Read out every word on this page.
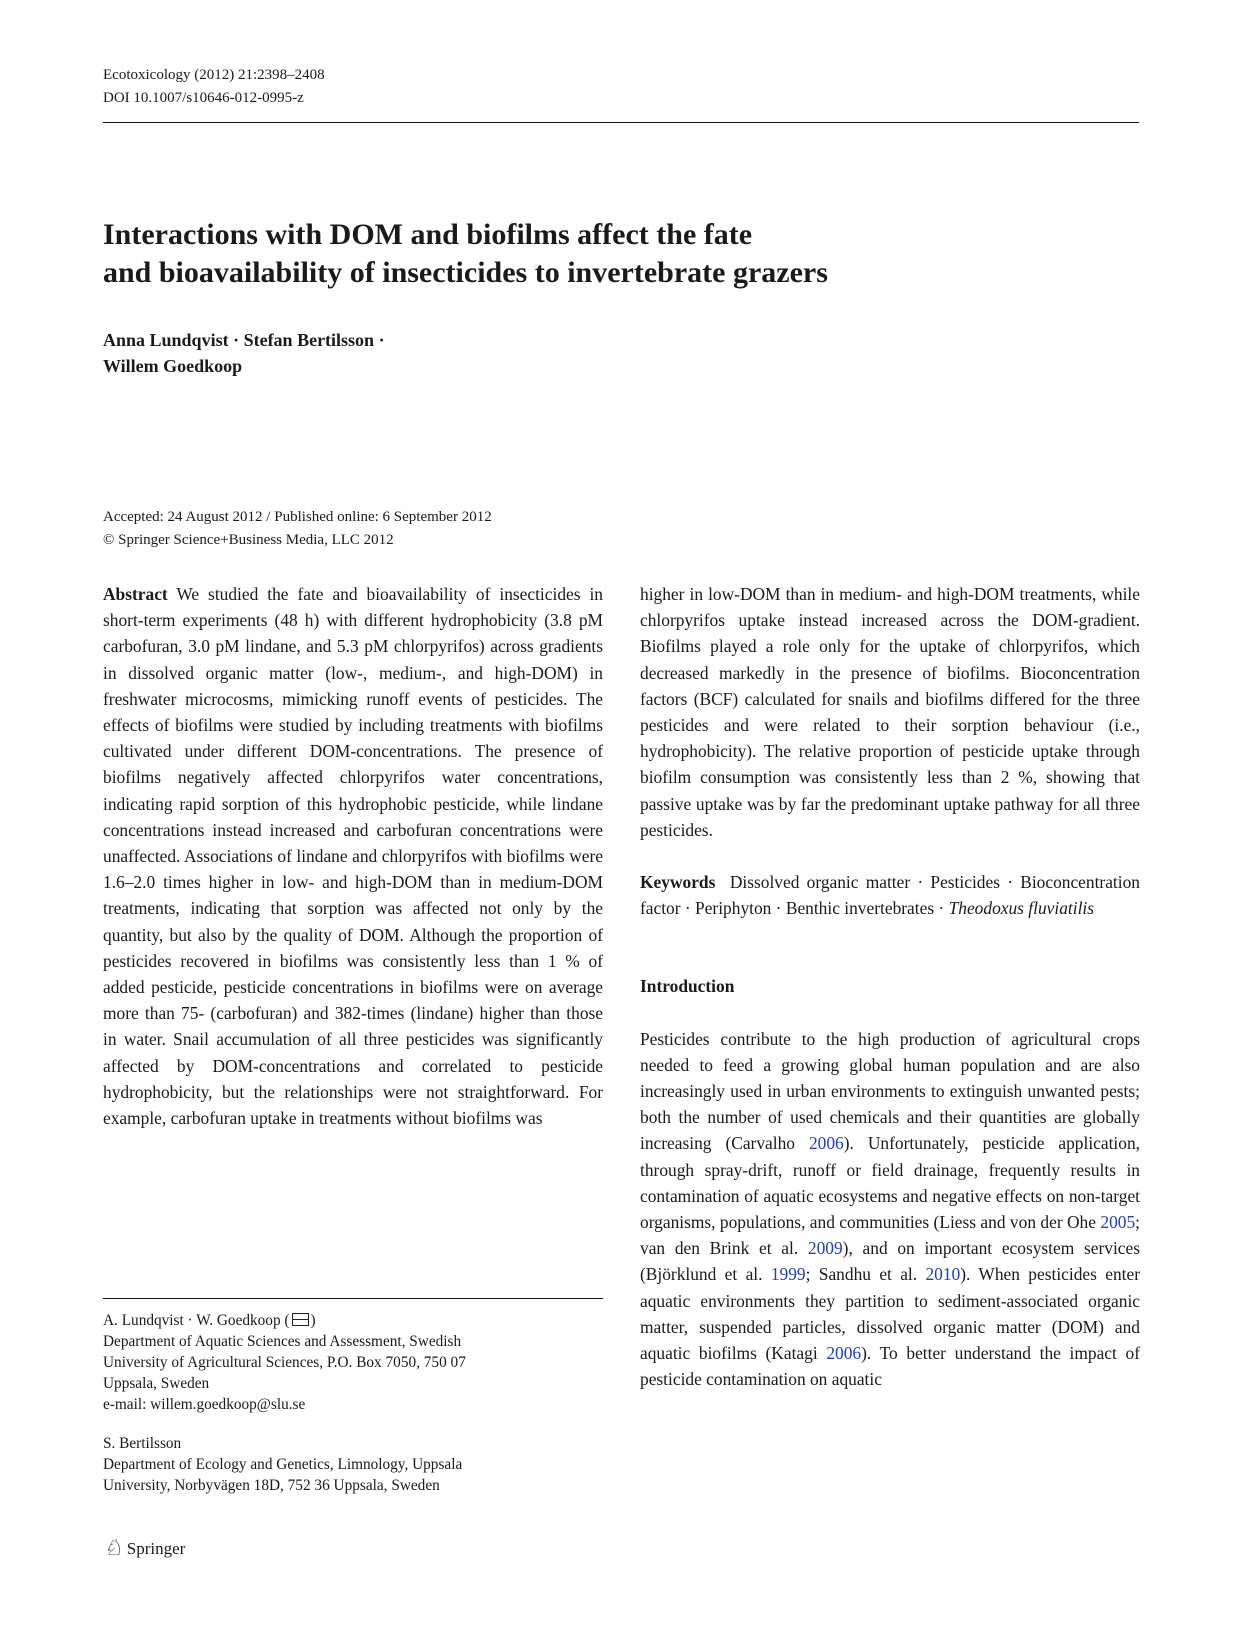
Ecotoxicology (2012) 21:2398–2408
DOI 10.1007/s10646-012-0995-z
Interactions with DOM and biofilms affect the fate
and bioavailability of insecticides to invertebrate grazers
Anna Lundqvist · Stefan Bertilsson ·
Willem Goedkoop
Accepted: 24 August 2012 / Published online: 6 September 2012
© Springer Science+Business Media, LLC 2012

Abstract We studied the fate and bioavailability of insecticides in short-term experiments (48 h) with different hydrophobicity (3.8 pM carbofuran, 3.0 pM lindane, and 5.3 pM chlorpyrifos) across gradients in dissolved organic matter (low-, medium-, and high-DOM) in freshwater microcosms, mimicking runoff events of pesticides. The effects of biofilms were studied by including treatments with biofilms cultivated under different DOM-concentrations. The presence of biofilms negatively affected chlorpyrifos water concentrations, indicating rapid sorption of this hydrophobic pesticide, while lindane concentrations instead increased and carbofuran concentrations were unaffected. Associations of lindane and chlorpyrifos with biofilms were 1.6–2.0 times higher in low- and high-DOM than in medium-DOM treatments, indicating that sorption was affected not only by the quantity, but also by the quality of DOM. Although the proportion of pesticides recovered in biofilms was consistently less than 1 % of added pesticide, pesticide concentrations in biofilms were on average more than 75- (carbofuran) and 382-times (lindane) higher than those in water. Snail accumulation of all three pesticides was significantly affected by DOM-concentrations and correlated to pesticide hydrophobicity, but the relationships were not straightforward. For example, carbofuran uptake in treatments without biofilms was

higher in low-DOM than in medium- and high-DOM treatments, while chlorpyrifos uptake instead increased across the DOM-gradient. Biofilms played a role only for the uptake of chlorpyrifos, which decreased markedly in the presence of biofilms. Bioconcentration factors (BCF) calculated for snails and biofilms differed for the three pesticides and were related to their sorption behaviour (i.e., hydrophobicity). The relative proportion of pesticide uptake through biofilm consumption was consistently less than 2 %, showing that passive uptake was by far the predominant uptake pathway for all three pesticides.

Keywords Dissolved organic matter · Pesticides · Bioconcentration factor · Periphyton · Benthic invertebrates · Theodoxus fluviatilis

Introduction

Pesticides contribute to the high production of agricultural crops needed to feed a growing global human population and are also increasingly used in urban environments to extinguish unwanted pests; both the number of used chemicals and their quantities are globally increasing (Carvalho 2006). Unfortunately, pesticide application, through spray-drift, runoff or field drainage, frequently results in contamination of aquatic ecosystems and negative effects on non-target organisms, populations, and communities (Liess and von der Ohe 2005; van den Brink et al. 2009), and on important ecosystem services (Björklund et al. 1999; Sandhu et al. 2010). When pesticides enter aquatic environments they partition to sediment-associated organic matter, suspended particles, dissolved organic matter (DOM) and aquatic biofilms (Katagi 2006). To better understand the impact of pesticide contamination on aquatic

A. Lundqvist · W. Goedkoop ( )

Department of Aquatic Sciences and Assessment, Swedish

University of Agricultural Sciences, P.O. Box 7050, 750 07

Uppsala, Sweden

e-mail: willem.goedkoop@slu.se

S. Bertilsson

Department of Ecology and Genetics, Limnology, Uppsala

University, Norbyvägen 18D, 752 36 Uppsala, Sweden

♘ Springer
